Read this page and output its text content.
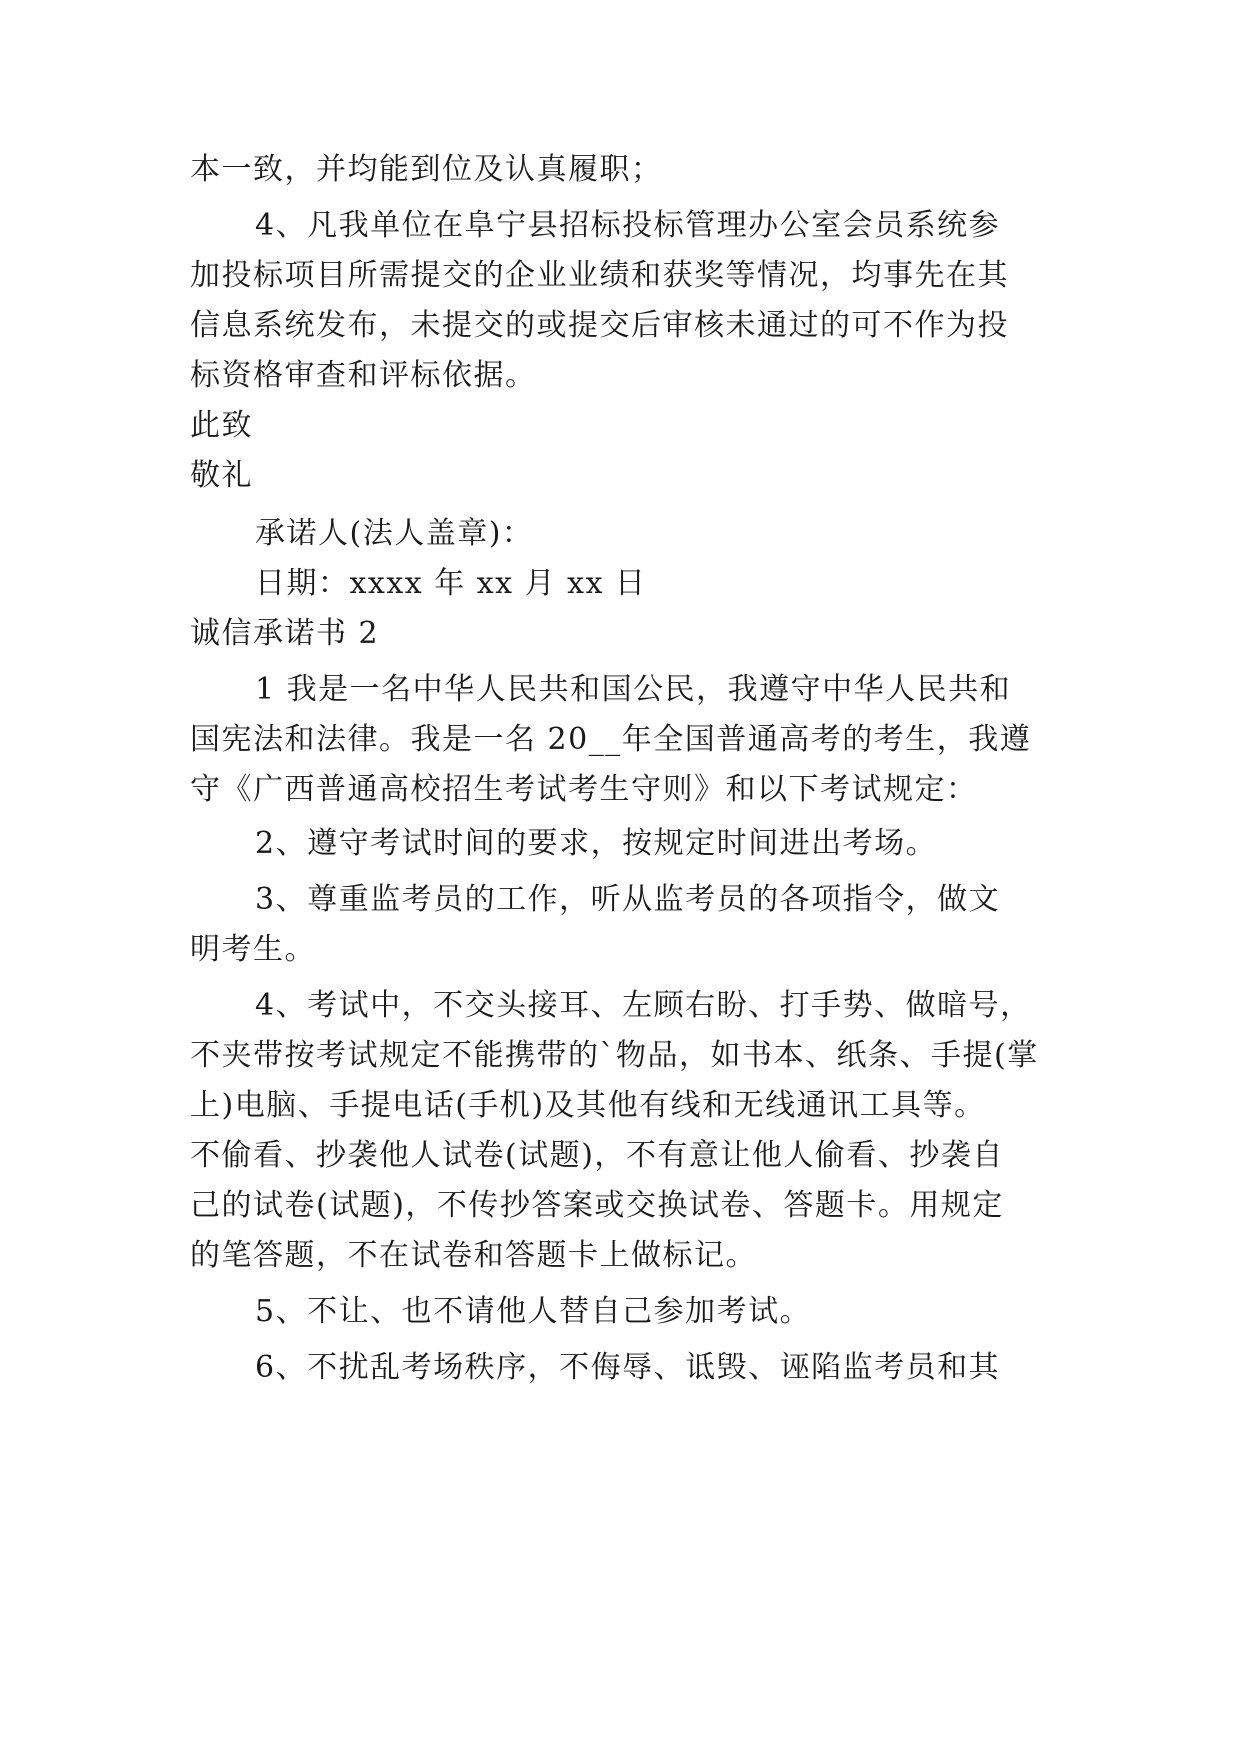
本一致，并均能到位及认真履职；
4、凡我单位在阜宁县招标投标管理办公室会员系统参
加投标项目所需提交的企业业绩和获奖等情况，均事先在其
信息系统发布，未提交的或提交后审核未通过的可不作为投
标资格审查和评标依据。
此致
敬礼
承诺人(法人盖章)：
日期：xxxx 年 xx 月 xx 日
诚信承诺书 2
1 我是一名中华人民共和国公民，我遵守中华人民共和
国宪法和法律。我是一名 20__年全国普通高考的考生，我遵
守《广西普通高校招生考试考生守则》和以下考试规定：
2、遵守考试时间的要求，按规定时间进出考场。
3、尊重监考员的工作，听从监考员的各项指令，做文
明考生。
4、考试中，不交头接耳、左顾右盼、打手势、做暗号，
不夹带按考试规定不能携带的`物品，如书本、纸条、手提(掌
上)电脑、手提电话(手机)及其他有线和无线通讯工具等。
不偷看、抄袭他人试卷(试题)，不有意让他人偷看、抄袭自
己的试卷(试题)，不传抄答案或交换试卷、答题卡。用规定
的笔答题，不在试卷和答题卡上做标记。
5、不让、也不请他人替自己参加考试。
6、不扰乱考场秩序，不侮辱、诋毁、诬陷监考员和其
